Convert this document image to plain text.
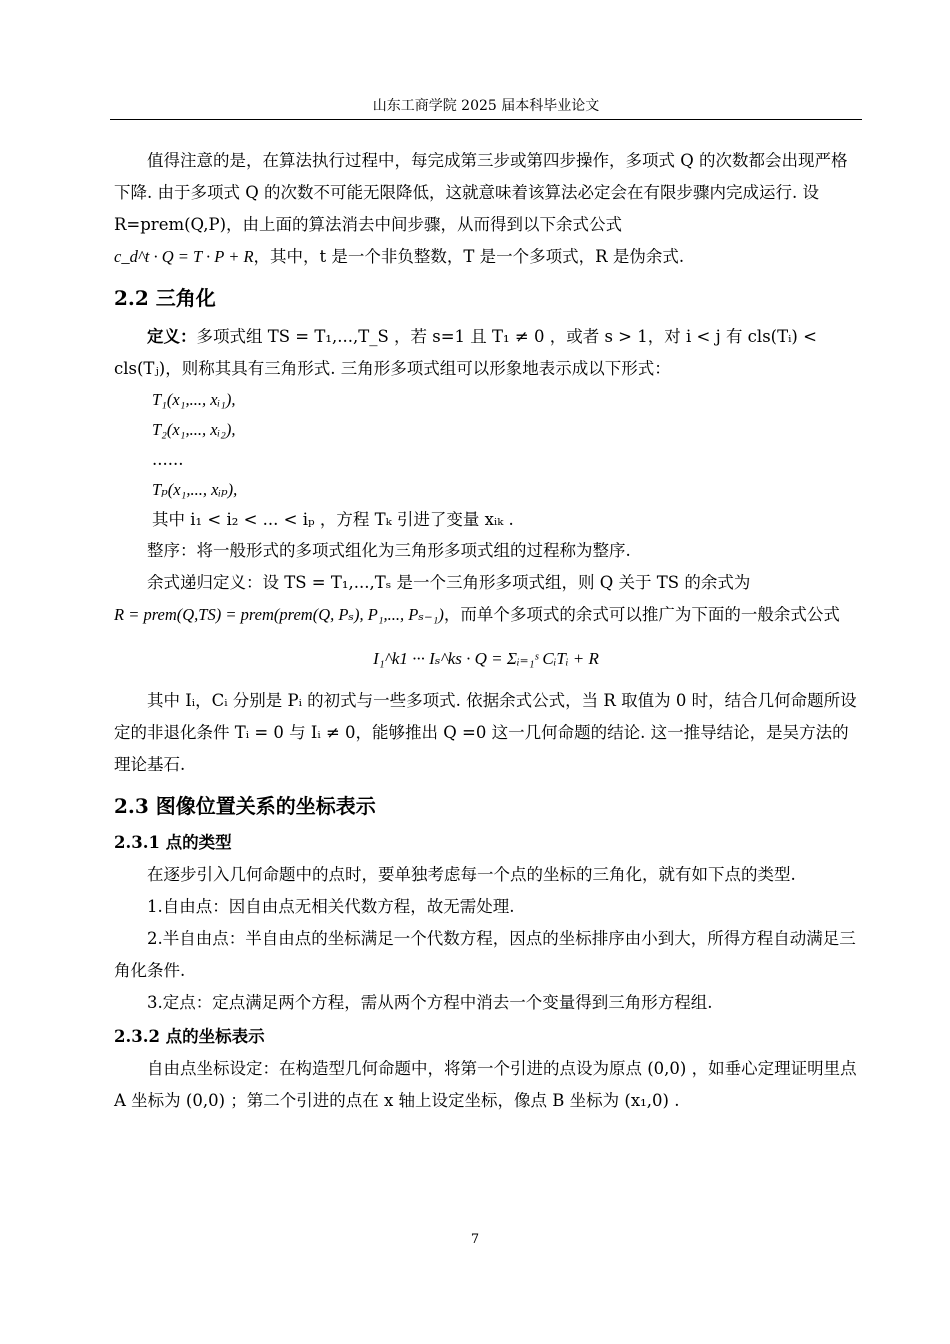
山东工商学院 2025 届本科毕业论文

值得注意的是，在算法执行过程中，每完成第三步或第四步操作，多项式 Q 的次数都会出现严格下降. 由于多项式 Q 的次数不可能无限降低，这就意味着该算法必定会在有限步骤内完成运行. 设 R=prem(Q,P)，由上面的算法消去中间步骤，从而得到以下余式公式

c_d^t · Q = T · P + R，其中，t 是一个非负整数，T 是一个多项式，R 是伪余式.

2.2 三角化

定义：多项式组 TS = T₁,...,T_S ，若 s=1 且 T₁ ≠ 0 ，或者 s > 1，对 i < j 有 cls(Tᵢ) < cls(Tⱼ)，则称其具有三角形式. 三角形多项式组可以形象地表示成以下形式：

T₁(x₁,..., xᵢ₁),
T₂(x₁,..., xᵢ₂),
......
Tₚ(x₁,..., xᵢₚ),
其中 i₁ < i₂ < ... < iₚ ，方程 Tₖ 引进了变量 xᵢₖ .

整序：将一般形式的多项式组化为三角形多项式组的过程称为整序.

余式递归定义：设 TS = T₁,...,Tₛ 是一个三角形多项式组，则 Q 关于 TS 的余式为

R = prem(Q,TS) = prem(prem(Q, Pₛ), P₁,..., Pₛ₋₁)，而单个多项式的余式可以推广为下面的一般余式公式

I₁^k1 ··· Iₛ^ks · Q = Σᵢ₌₁ˢ CᵢTᵢ + R

其中 Iᵢ，Cᵢ 分别是 Pᵢ 的初式与一些多项式. 依据余式公式，当 R 取值为 0 时，结合几何命题所设定的非退化条件 Tᵢ = 0 与 Iᵢ ≠ 0，能够推出 Q =0 这一几何命题的结论. 这一推导结论，是吴方法的理论基石.

2.3 图像位置关系的坐标表示
2.3.1 点的类型

在逐步引入几何命题中的点时，要单独考虑每一个点的坐标的三角化，就有如下点的类型.

1.自由点：因自由点无相关代数方程，故无需处理.

2.半自由点：半自由点的坐标满足一个代数方程，因点的坐标排序由小到大，所得方程自动满足三角化条件.

3.定点：定点满足两个方程，需从两个方程中消去一个变量得到三角形方程组.

2.3.2 点的坐标表示

自由点坐标设定：在构造型几何命题中，将第一个引进的点设为原点 (0,0) ，如垂心定理证明里点 A 坐标为 (0,0) ；第二个引进的点在 x 轴上设定坐标，像点 B 坐标为 (x₁,0) .

7
